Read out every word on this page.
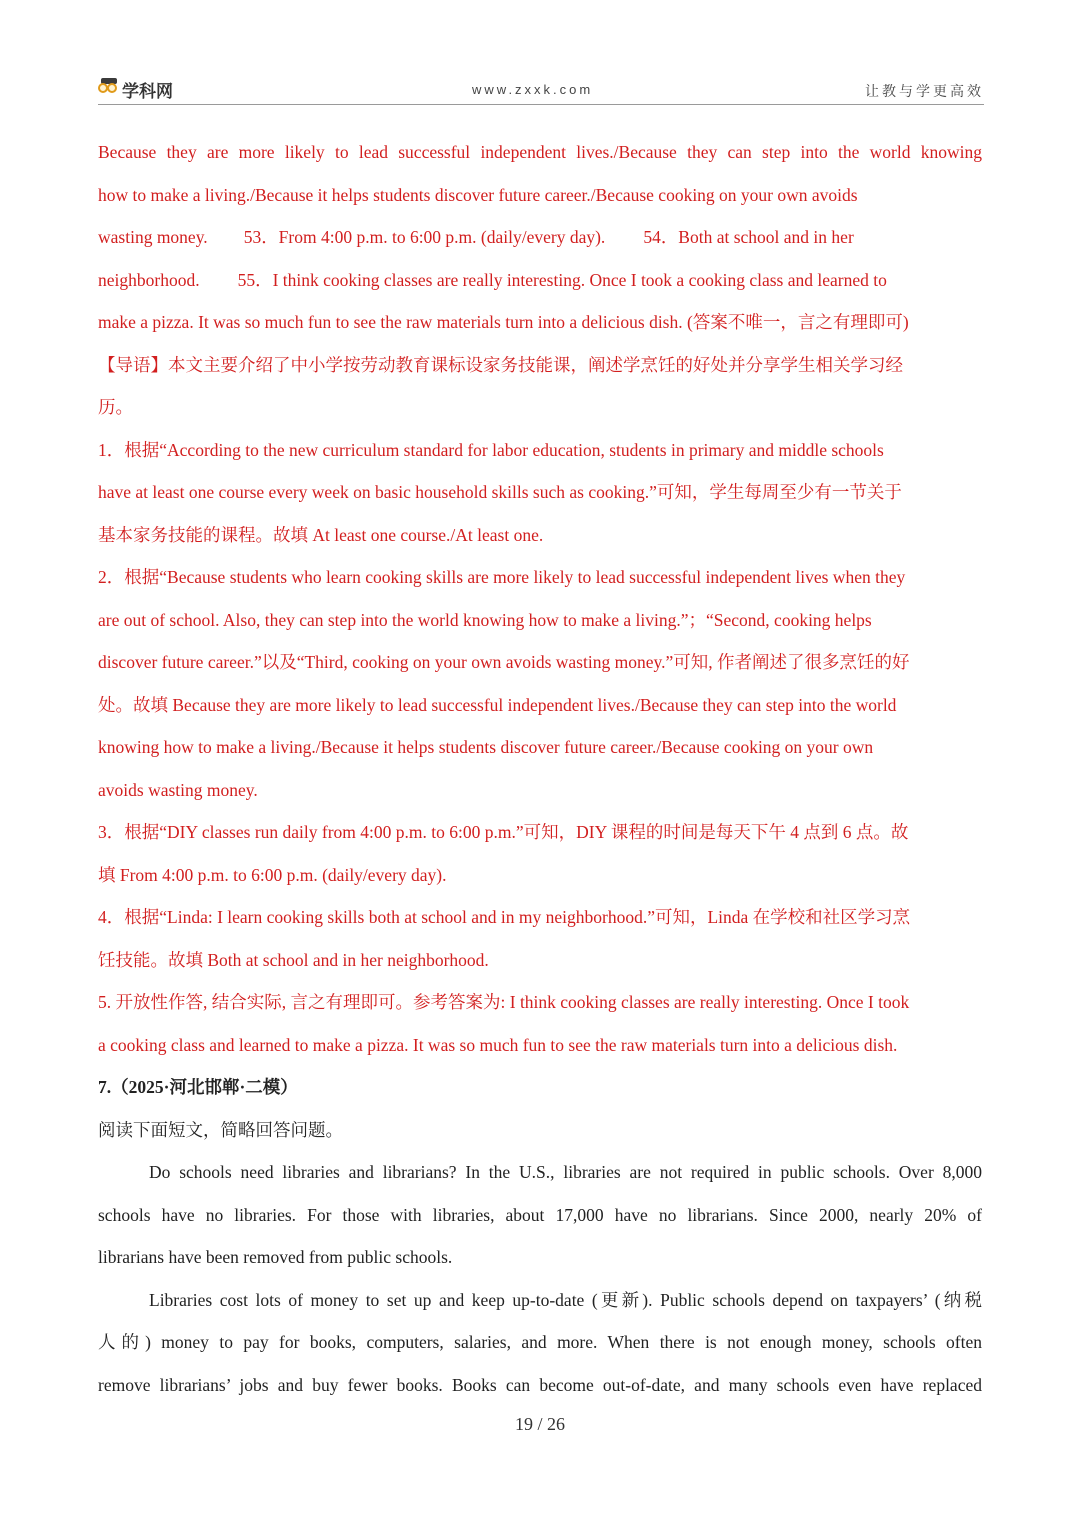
学科网	www.zxxk.com	让教与学更高效
Because they are more likely to lead successful independent lives./Because they can step into the world knowing
how to make a living./Because it helps students discover future career./Because cooking on your own avoids
wasting money. 53．From 4:00 p.m. to 6:00 p.m. (daily/every day). 54．Both at school and in her
neighborhood. 55．I think cooking classes are really interesting. Once I took a cooking class and learned to
make a pizza. It was so much fun to see the raw materials turn into a delicious dish. (答案不唯一，言之有理即可)
【导语】本文主要介绍了中小学按劳动教育课标设家务技能课，阐述学烹饪的好处并分享学生相关学习经
历。
1．根据“According to the new curriculum standard for labor education, students in primary and middle schools
have at least one course every week on basic household skills such as cooking.”可知，学生每周至少有一节关于
基本家务技能的课程。故填 At least one course./At least one.
2．根据“Because students who learn cooking skills are more likely to lead successful independent lives when they
are out of school. Also, they can step into the world knowing how to make a living.”；“Second, cooking helps
discover future career.”以及“Third, cooking on your own avoids wasting money.”可知, 作者阐述了很多烹饪的好
处。故填 Because they are more likely to lead successful independent lives./Because they can step into the world
knowing how to make a living./Because it helps students discover future career./Because cooking on your own
avoids wasting money.
3．根据“DIY classes run daily from 4:00 p.m. to 6:00 p.m.”可知，DIY 课程的时间是每天下午 4 点到 6 点。故
填 From 4:00 p.m. to 6:00 p.m. (daily/every day).
4．根据“Linda: I learn cooking skills both at school and in my neighborhood.”可知，Linda 在学校和社区学习烹
饪技能。故填 Both at school and in her neighborhood.
5. 开放性作答, 结合实际, 言之有理即可。参考答案为: I think cooking classes are really interesting. Once I took
a cooking class and learned to make a pizza. It was so much fun to see the raw materials turn into a delicious dish.
7.（2025·河北邯郸·二模）
阅读下面短文，简略回答问题。
Do schools need libraries and librarians? In the U.S., libraries are not required in public schools. Over 8,000
schools have no libraries. For those with libraries, about 17,000 have no librarians. Since 2000, nearly 20% of
librarians have been removed from public schools.
Libraries cost lots of money to set up and keep up-to-date (更新). Public schools depend on taxpayers’ (纳税
人的) money to pay for books, computers, salaries, and more. When there is not enough money, schools often
remove librarians’ jobs and buy fewer books. Books can become out-of-date, and many schools even have replaced
19 / 26
